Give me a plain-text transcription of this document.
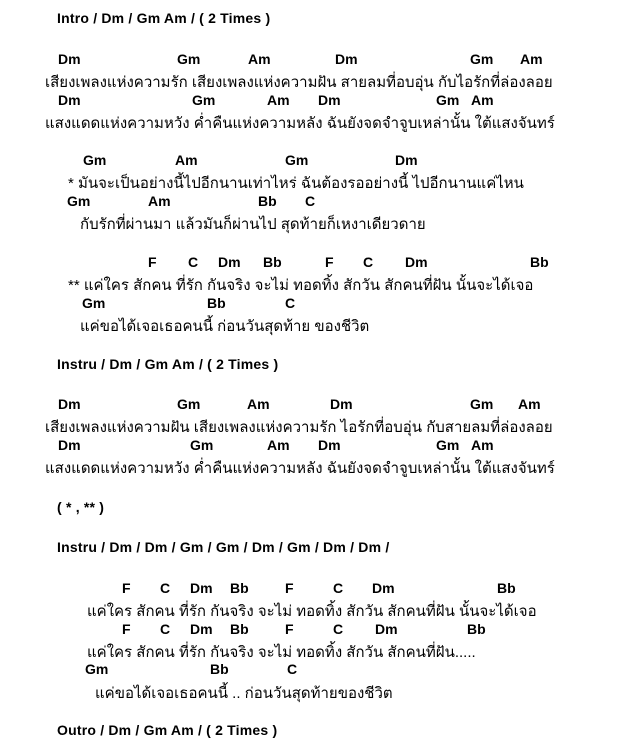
Intro / Dm / Gm Am / ( 2 Times )
Dm	Gm	Am	Dm	Gm Am
เสียงเพลงแห่งความรัก เสียงเพลงแห่งความฝัน สายลมที่อบอุ่น กับไอรักที่ล่องลอย
Dm	Gm	Am Dm	Gm Am
แสงแดดแห่งความหวัง ค่ำคืนแห่งความหลัง ฉันยังจดจำจูบเหล่านั้น ใต้แสงจันทร์
Gm	Am	Gm	Dm
* มันจะเป็นอย่างนี้ไปอีกนานเท่าไหร่ ฉันต้องรออย่างนี้ ไปอีกนานแค่ไหน
Gm	Am	Bb C
กับรักที่ผ่านมา แล้วมันก็ผ่านไป สุดท้ายก็เหงาเดียวดาย
F C Dm Bb	F C Dm	Bb
** แค่ใคร สักคน ที่รัก กันจริง จะไม่ ทอดทิ้ง สักวัน สักคนที่ฝัน นั้นจะได้เจอ
Gm	Bb	C
แค่ขอได้เจอเธอคนนี้ ก่อนวันสุดท้าย ของชีวิต
Instru / Dm / Gm Am / ( 2 Times )
Dm	Gm	Am	Dm	Gm Am
เสียงเพลงแห่งความฝัน เสียงเพลงแห่งความรัก ไอรักที่อบอุ่น กับสายลมที่ล่องลอย
Dm	Gm	Am Dm	Gm Am
แสงแดดแห่งความหวัง ค่ำคืนแห่งความหลัง ฉันยังจดจำจูบเหล่านั้น ใต้แสงจันทร์
( * , ** )
Instru / Dm / Dm / Gm / Gm / Dm / Gm / Dm / Dm /
F C Dm Bb	F	C Dm	Bb
แค่ใคร สักคน ที่รัก กันจริง จะไม่ ทอดทิ้ง สักวัน สักคนที่ฝัน นั้นจะได้เจอ
F C Dm Bb	F	C Dm	Bb
แค่ใคร สักคน ที่รัก กันจริง จะไม่ ทอดทิ้ง สักวัน สักคนที่ฝัน.....
Gm	Bb	C
แค่ขอได้เจอเธอคนนี้ .. ก่อนวันสุดท้ายของชีวิต
Outro / Dm / Gm Am / ( 2 Times )
